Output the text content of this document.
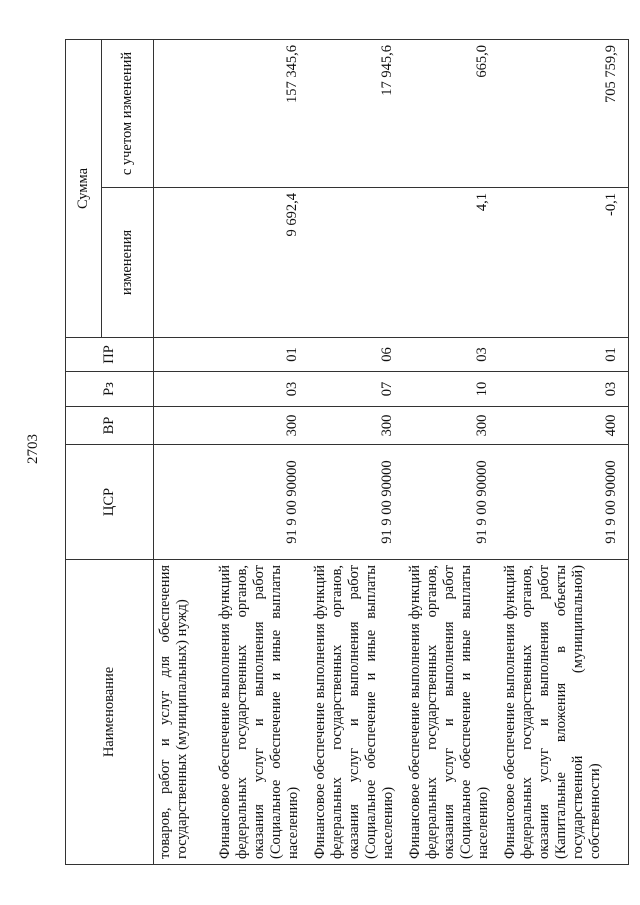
2703
Наименование	ЦСР	ВР	Рз	ПР	Сумма	
					изменения	с учетом изменений
товаров, работ и услуг для обеспечения государственных (муниципальных) нужд)						
Финансовое обеспечение выполнения функций федеральных государственных органов, оказания услуг и выполнения работ (Социальное обеспечение и иные выплаты населению)	91 9 00 90000	300	03	01	9 692,4	157 345,6
Финансовое обеспечение выполнения функций федеральных государственных органов, оказания услуг и выполнения работ (Социальное обеспечение и иные выплаты населению)	91 9 00 90000	300	07	06		17 945,6
Финансовое обеспечение выполнения функций федеральных государственных органов, оказания услуг и выполнения работ (Социальное обеспечение и иные выплаты населению)	91 9 00 90000	300	10	03	4,1	665,0
Финансовое обеспечение выполнения функций федеральных государственных органов, оказания услуг и выполнения работ (Капитальные вложения в объекты государственной (муниципальной) собственности)	91 9 00 90000	400	03	01	-0,1	705 759,9
